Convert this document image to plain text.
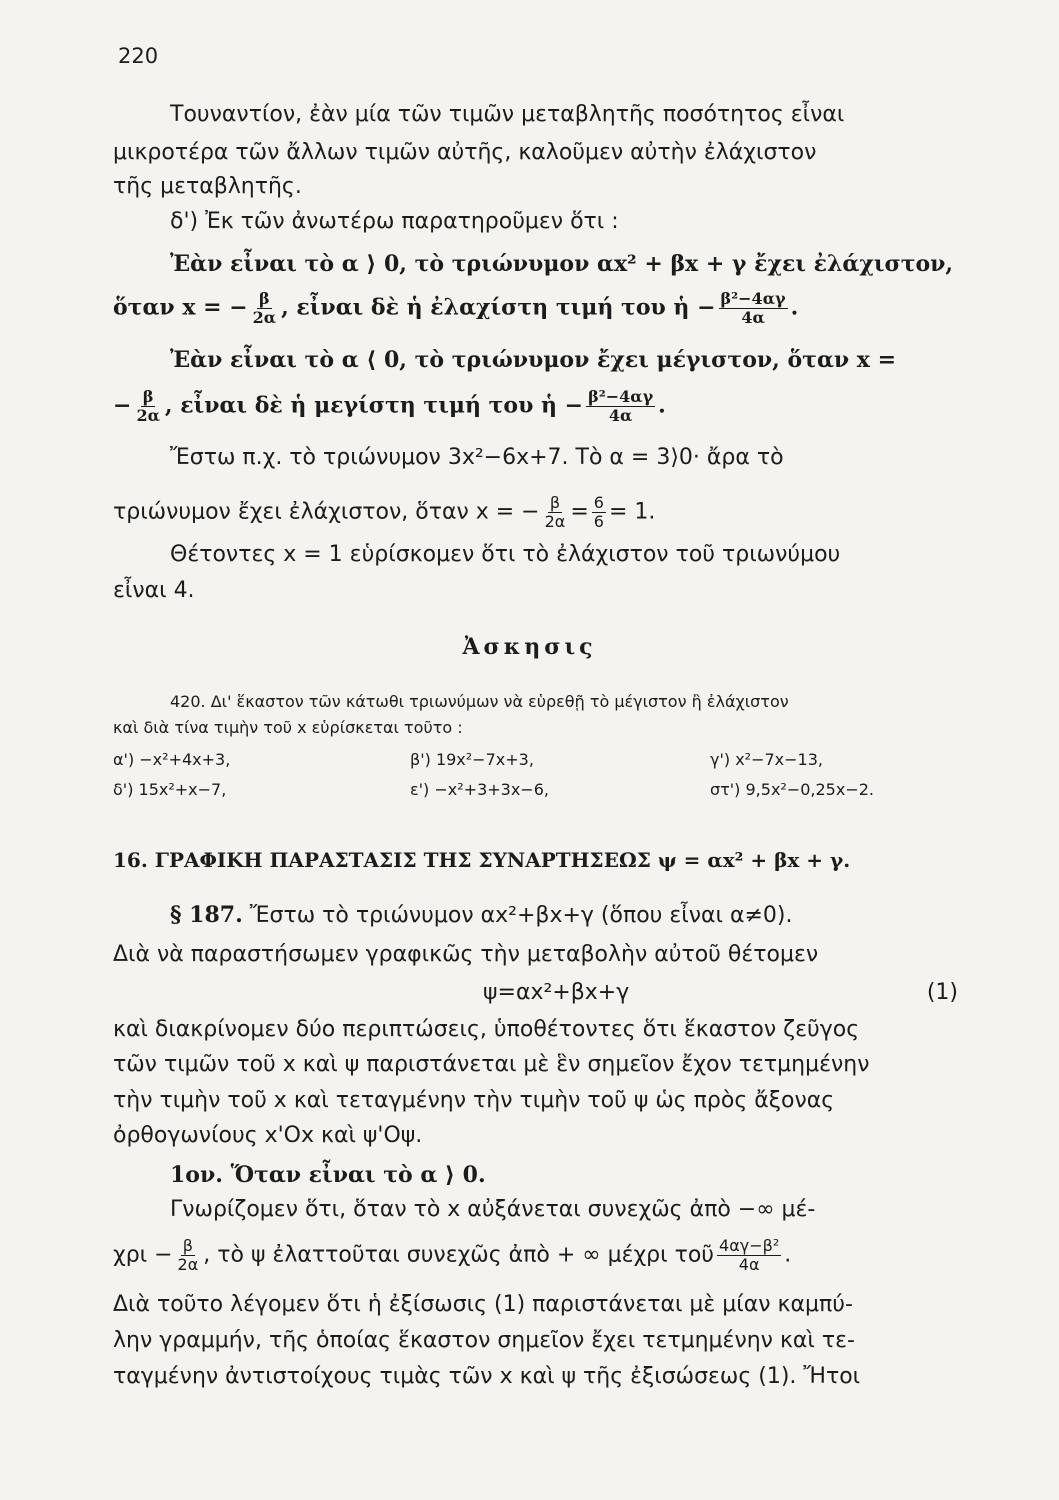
220
Τουναντίον, ἐὰν μία τῶν τιμῶν μεταβλητῆς ποσότητος εἶναι
μικροτέρα τῶν ἄλλων τιμῶν αὐτῆς, καλοῦμεν αὐτὴν ἐλάχιστον
τῆς μεταβλητῆς.
δ') Ἐκ τῶν ἀνωτέρω παρατηροῦμεν ὅτι :
Ἐὰν εἶναι τὸ α ⟩ 0, τὸ τριώνυμον αx² + βx + γ ἔχει ἐλάχιστον,
ὅταν x = − $\frac{\beta}{2\alpha}$ , εἶναι δὲ ἡ ἐλαχίστη τιμή του ἡ − $\frac{\text{β²−4αγ}}{4\alpha}$ .
Ἐὰν εἶναι τὸ α ⟨ 0, τὸ τριώνυμον ἔχει μέγιστον, ὅταν x =
− $\frac{\beta}{2\alpha}$ , εἶναι δὲ ἡ μεγίστη τιμή του ἡ − $\frac{\text{β²−4αγ}}{4\alpha}$ .
Ἔστω π.χ. τὸ τριώνυμον 3x²−6x+7. Τὸ α = 3⟩0· ἄρα τὸ
τριώνυμον ἔχει ἐλάχιστον, ὅταν x = − $\frac{\beta}{2\alpha} = \frac{6}{6} = 1$.
Θέτοντες x = 1 εὑρίσκομεν ὅτι τὸ ἐλάχιστον τοῦ τριωνύμου
εἶναι 4.
Ἀσκησις
420. Δι' ἕκαστον τῶν κάτωθι τριωνύμων νὰ εὑρεθῇ τὸ μέγιστον ἢ ἐλάχιστον
καὶ διὰ τίνα τιμὴν τοῦ x εὑρίσκεται τοῦτο :
α') −x²+4x+3,	β') 19x²−7x+3,	γ') x²−7x−13,
δ') 15x²+x−7,	ε') −x²+3+3x−6,	στ') 9,5x²−0,25x−2.
16. ΓΡΑΦΙΚΗ ΠΑΡΑΣΤΑΣΙΣ ΤΗΣ ΣΥΝΑΡΤΗΣΕΩΣ ψ = αx² + βx + γ.
§ 187. Ἔστω τὸ τριώνυμον αx²+βx+γ (ὅπου εἶναι α≠0).
Διὰ νὰ παραστήσωμεν γραφικῶς τὴν μεταβολὴν αὐτοῦ θέτομεν
ψ=αx²+βx+γ	(1)
καὶ διακρίνομεν δύο περιπτώσεις, ὑποθέτοντες ὅτι ἕκαστον ζεῦγος
τῶν τιμῶν τοῦ x καὶ ψ παριστάνεται μὲ ἓν σημεῖον ἔχον τετμημένην
τὴν τιμὴν τοῦ x καὶ τεταγμένην τὴν τιμὴν τοῦ ψ ὡς πρὸς ἄξονας
ὀρθογωνίους x'Ox καὶ ψ'Oψ.
1ον. Ὅταν εἶναι τὸ α ⟩ 0.
Γνωρίζομεν ὅτι, ὅταν τὸ x αὐξάνεται συνεχῶς ἀπὸ −∞ μέ-
$\chi\rho\iota - \frac{\beta}{2\alpha}$ , τὸ ψ ἐλαττοῦται συνεχῶς ἀπὸ + ∞ μέχρι τοῦ $\frac{\text{4αγ−β²}}{4\alpha}$ .
Διὰ τοῦτο λέγομεν ὅτι ἡ ἐξίσωσις (1) παριστάνεται μὲ μίαν καμπύ-
λην γραμμήν, τῆς ὁποίας ἕκαστον σημεῖον ἔχει τετμημένην καὶ τε-
ταγμένην ἀντιστοίχους τιμὰς τῶν x καὶ ψ τῆς ἐξισώσεως (1). Ἤτοι
